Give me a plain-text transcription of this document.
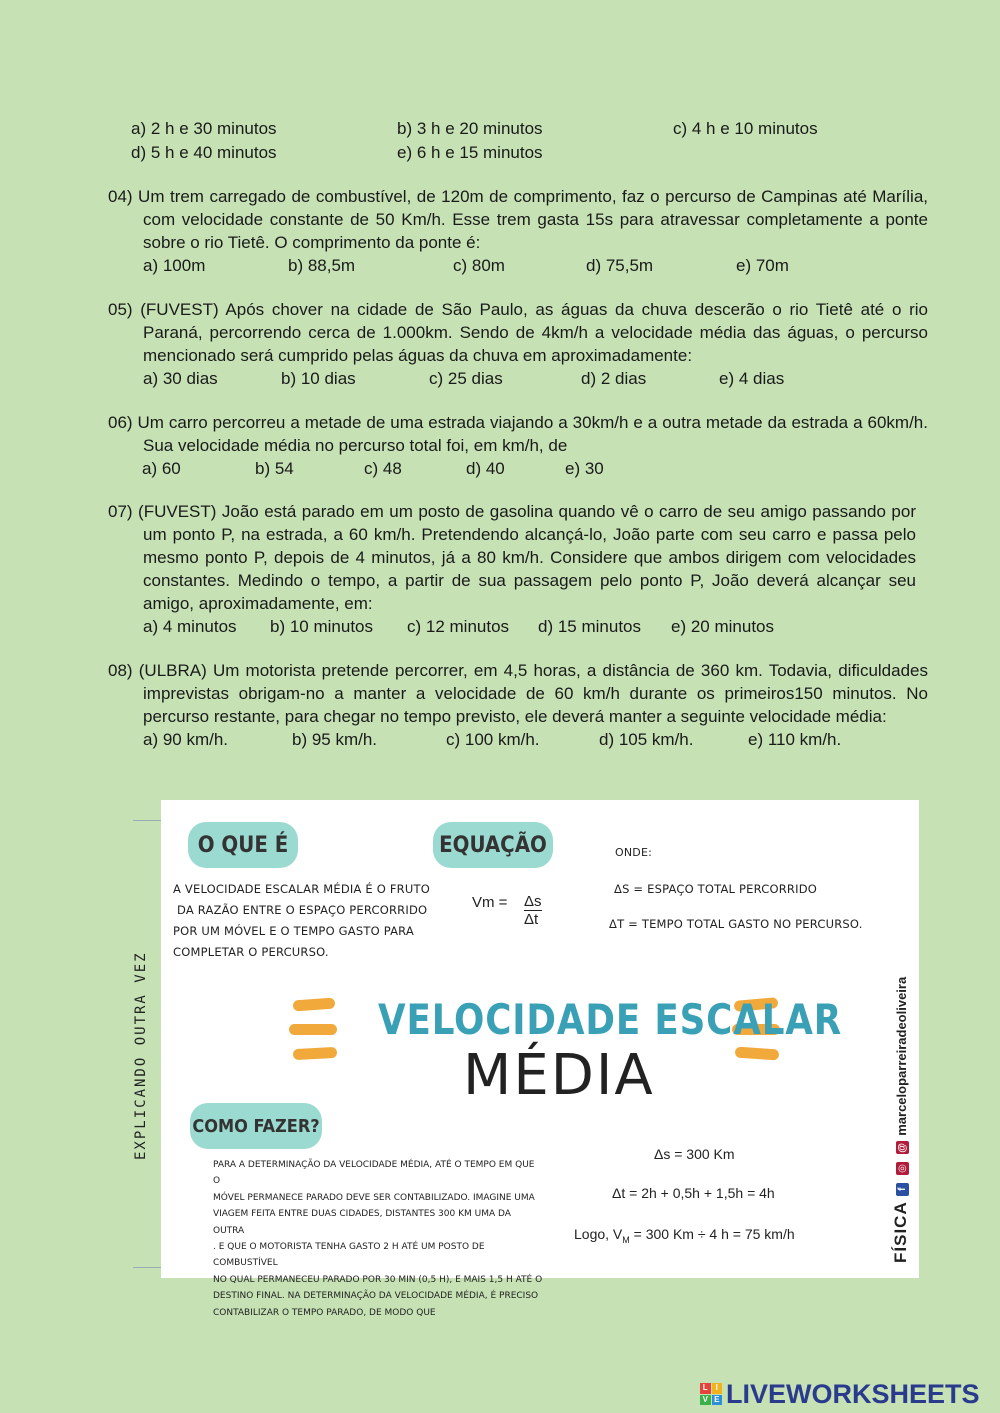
a) 2 h e 30 minutos	b) 3 h e 20 minutos	c) 4 h e 10 minutos
d) 5 h e 40 minutos	e) 6 h e 15 minutos
04) Um trem carregado de combustível, de 120m de comprimento, faz o percurso de Campinas até Marília, com velocidade constante de 50 Km/h. Esse trem gasta 15s para atravessar completamente a ponte sobre o rio Tietê. O comprimento da ponte é:
a) 100m	b) 88,5m	c) 80m	d) 75,5m	e) 70m
05) (FUVEST) Após chover na cidade de São Paulo, as águas da chuva descerão o rio Tietê até o rio Paraná, percorrendo cerca de 1.000km. Sendo de 4km/h a velocidade média das águas, o percurso mencionado será cumprido pelas águas da chuva em aproximadamente:
a) 30 dias	b) 10 dias	c) 25 dias	d) 2 dias	e) 4 dias
06) Um carro percorreu a metade de uma estrada viajando a 30km/h e a outra metade da estrada a 60km/h. Sua velocidade média no percurso total foi, em km/h, de
a) 60	b) 54	c) 48	d) 40	e) 30
07) (FUVEST) João está parado em um posto de gasolina quando vê o carro de seu amigo passando por um ponto P, na estrada, a 60 km/h. Pretendendo alcançá-lo, João parte com seu carro e passa pelo mesmo ponto P, depois de 4 minutos, já a 80 km/h. Considere que ambos dirigem com velocidades constantes. Medindo o tempo, a partir de sua passagem pelo ponto P, João deverá alcançar seu amigo, aproximadamente, em:
a) 4 minutos b) 10 minutos c) 12 minutos d) 15 minutos e) 20 minutos
08) (ULBRA) Um motorista pretende percorrer, em 4,5 horas, a distância de 360 km. Todavia, dificuldades imprevistas obrigam-no a manter a velocidade de 60 km/h durante os primeiros150 minutos. No percurso restante, para chegar no tempo previsto, ele deverá manter a seguinte velocidade média:
a) 90 km/h.	b) 95 km/h.	c) 100 km/h.	d) 105 km/h.	e) 110 km/h.
EXPLICANDO OUTRA VEZ
O QUE É
A VELOCIDADE ESCALAR MÉDIA É O FRUTO
DA RAZÃO ENTRE O ESPAÇO PERCORRIDO
POR UM MÓVEL E O TEMPO GASTO PARA
COMPLETAR O PERCURSO.
EQUAÇÃO
Vm = Δs
Δt
ONDE:
ΔS = ESPAÇO TOTAL PERCORRIDO
ΔT = TEMPO TOTAL GASTO NO PERCURSO.
VELOCIDADE ESCALAR
MÉDIA
COMO FAZER?
PARA A DETERMINAÇÃO DA VELOCIDADE MÉDIA, ATÉ O TEMPO EM QUE O
MÓVEL PERMANECE PARADO DEVE SER CONTABILIZADO. IMAGINE UMA
VIAGEM FEITA ENTRE DUAS CIDADES, DISTANTES 300 KM UMA DA OUTRA
. E QUE O MOTORISTA TENHA GASTO 2 H ATÉ UM POSTO DE COMBUSTÍVEL
NO QUAL PERMANECEU PARADO POR 30 MIN (0,5 H), E MAIS 1,5 H ATÉ O
DESTINO FINAL. NA DETERMINAÇÃO DA VELOCIDADE MÉDIA, É PRECISO
CONTABILIZAR O TEMPO PARADO, DE MODO QUE
Δs = 300 Km
Δt = 2h + 0,5h + 1,5h = 4h
Logo, $V_M = 300$ Km ÷ 4 h = 75 km/h	FÍSICA f ◎ @ marceloparreiradeoliveira
L I
V E LIVEWORKSHEETS
